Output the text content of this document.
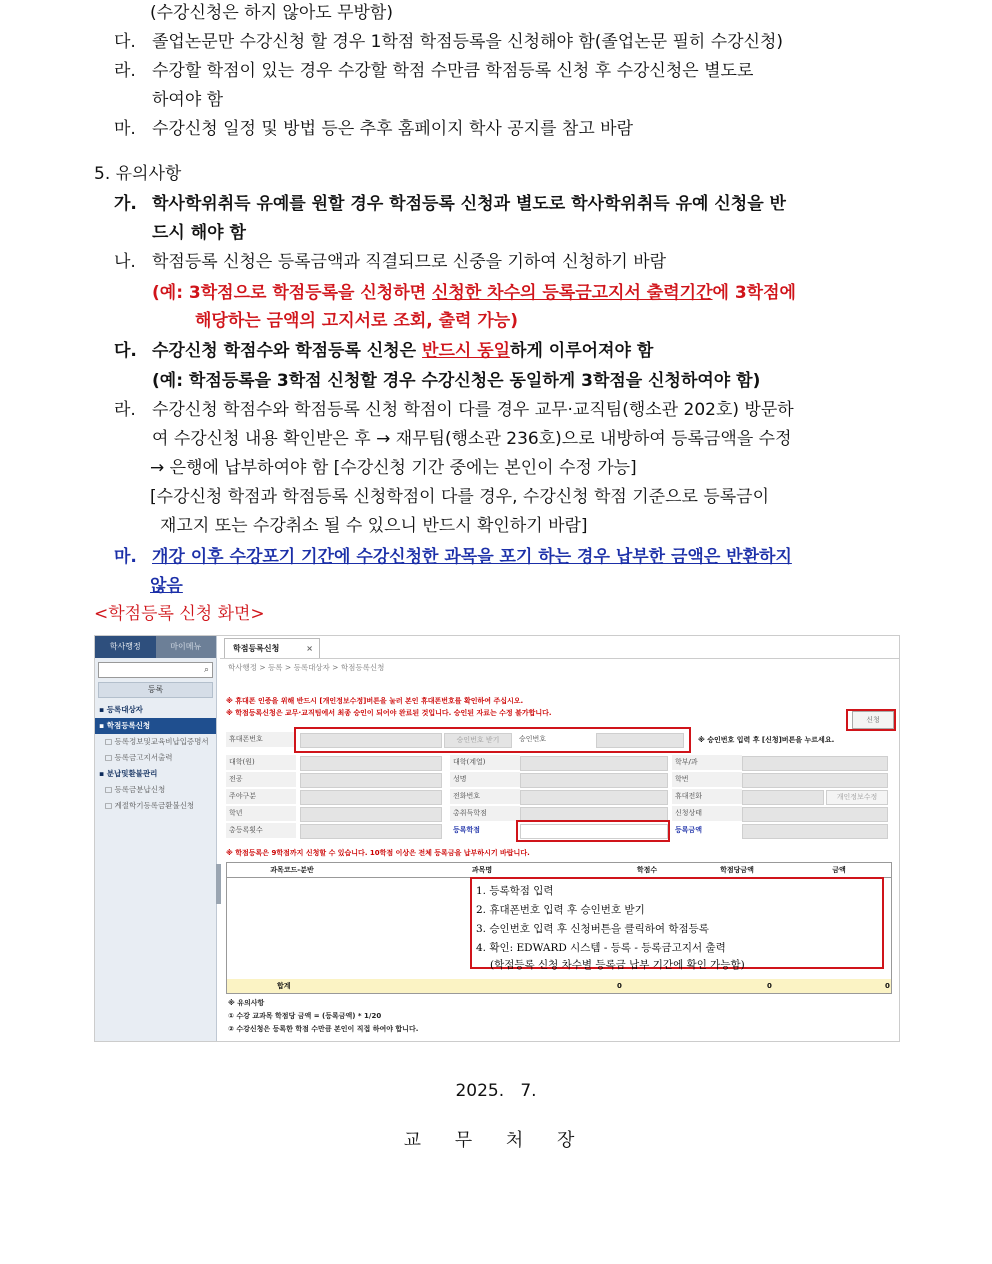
(수강신청은 하지 않아도 무방함)
다. 졸업논문만 수강신청 할 경우 1학점 학점등록을 신청해야 함(졸업논문 필히 수강신청)
라. 수강할 학점이 있는 경우 수강할 학점 수만큼 학점등록 신청 후 수강신청은 별도로
하여야 함
마. 수강신청 일정 및 방법 등은 추후 홈페이지 학사 공지를 참고 바람
5. 유의사항
가. 학사학위취득 유예를 원할 경우 학점등록 신청과 별도로 학사학위취득 유예 신청을 반
드시 해야 함
나. 학점등록 신청은 등록금액과 직결되므로 신중을 기하여 신청하기 바람
(예: 3학점으로 학점등록을 신청하면 신청한 차수의 등록금고지서 출력기간에 3학점에
해당하는 금액의 고지서로 조회, 출력 가능)
다. 수강신청 학점수와 학점등록 신청은 반드시 동일하게 이루어져야 함
(예: 학점등록을 3학점 신청할 경우 수강신청은 동일하게 3학점을 신청하여야 함)
라. 수강신청 학점수와 학점등록 신청 학점이 다를 경우 교무·교직팀(행소관 202호) 방문하
여 수강신청 내용 확인받은 후 → 재무팀(행소관 236호)으로 내방하여 등록금액을 수정
→ 은행에 납부하여야 함 [수강신청 기간 중에는 본인이 수정 가능]
[수강신청 학점과 학점등록 신청학점이 다를 경우, 수강신청 학점 기준으로 등록금이
재고지 또는 수강취소 될 수 있으니 반드시 확인하기 바람]
마. 개강 이후 수강포기 기간에 수강신청한 과목을 포기 하는 경우 납부한 금액은 반환하지
않음
<학점등록 신청 화면>
학사행정	마이메뉴
⌕
등록
▪ 등록대상자
▪ 학점등록신청
□ 등록정보및교육비납입증명서
□ 등록금고지서출력
▪ 분납및환불관리
□ 등록금분납신청
□ 계절학기등록금환불신청
학점등록신청	×
학사행정 > 등록 > 등록대상자 > 학점등록신청
※ 휴대폰 인증을 위해 반드시 [개인정보수정]버튼을 눌러 본인 휴대폰번호를 확인하여 주십시오.
※ 학점등록신청은 교무·교직팀에서 최종 승인이 되어야 완료된 것입니다. 승인된 자료는 수정 불가합니다.
신청
휴대폰번호	승인번호 받기	승인번호	※ 승인번호 입력 후 [신청]버튼을 누르세요.
대학(원)	대학(계열)	학부/과
전공	성명	학번
주야구분	전화번호	휴대전화	개인정보수정
학년	총취득학점	신청상태
총등록횟수	등록학점	등록금액
※ 학점등록은 9학점까지 신청할 수 있습니다. 10학점 이상은 전체 등록금을 납부하시기 바랍니다.
과목코드-분반	과목명	학점수	학점당금액	금액
합계	0	0	0
1. 등록학점 입력
2. 휴대폰번호 입력 후 승인번호 받기
3. 승인번호 입력 후 신청버튼을 클릭하여 학점등록
4. 확인: EDWARD 시스템 - 등록 - 등록금고지서 출력
(학점등록 신청 차수별 등록금 납부 기간에 확인 가능함)
※ 유의사항
① 수강 교과목 학점당 금액 = (등록금액) * 1/20
② 수강신청은 등록한 학점 수만큼 본인이 직접 하여야 합니다.
2025.   7.
교 무 처 장
